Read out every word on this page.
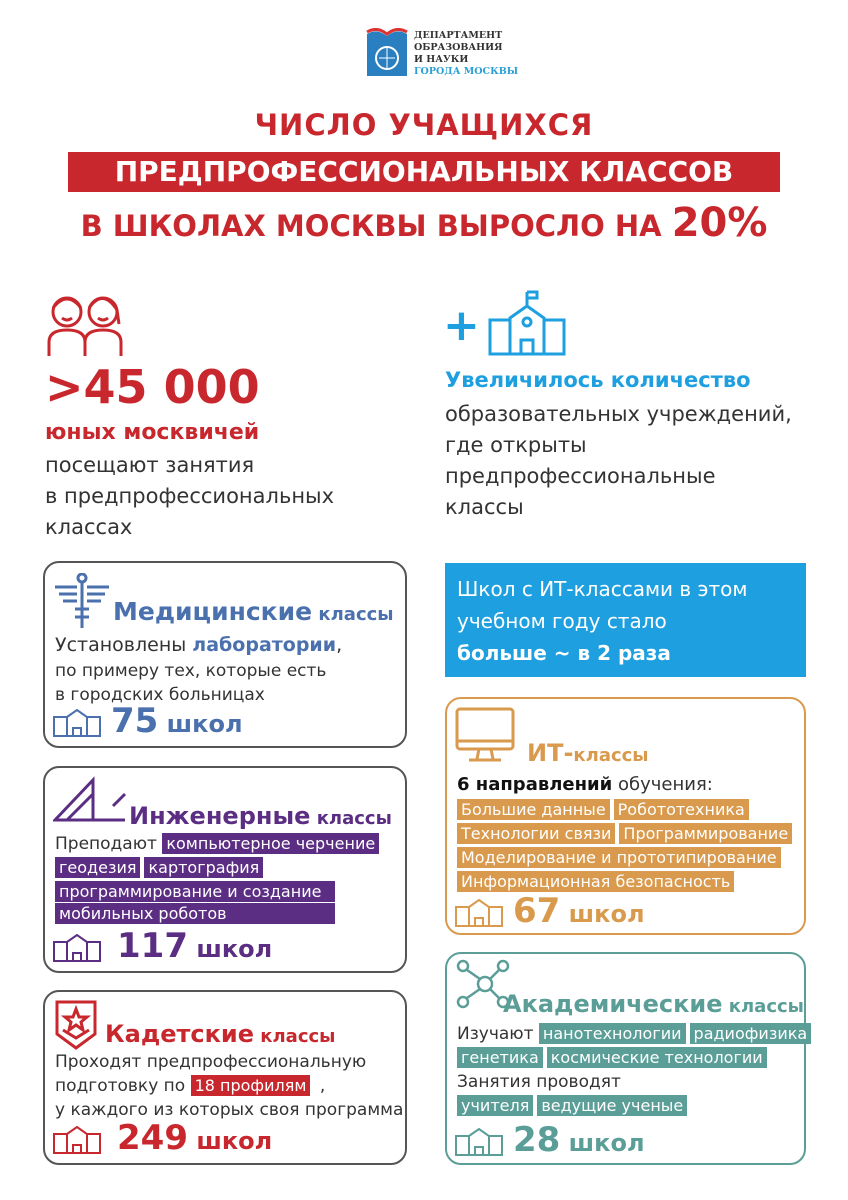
ДЕПАРТАМЕНТ
ОБРАЗОВАНИЯ
И НАУКИ
ГОРОДА МОСКВЫ
ЧИСЛО УЧАЩИХСЯ
ПРЕДПРОФЕССИОНАЛЬНЫХ КЛАССОВ
В ШКОЛАХ МОСКВЫ ВЫРОСЛО НА 20%
>45 000
юных москвичей
посещают занятия
в предпрофессиональных
классах
+
Увеличилось количество
образовательных учреждений,
где открыты
предпрофессиональные
классы
Школ с ИТ-классами в этом
учебном году стало
больше ~ в 2 раза
Медицинские классы
Установлены лаборатории,
по примеру тех, которые есть
в городских больницах
75 школ
Инженерные классы
Преподают компьютерное черчение
геодезия картография
программирование и создание
мобильных роботов
117 школ
Кадетские классы
Проходят предпрофессиональную
подготовку по 18 профилям ,
у каждого из которых своя программа
249 школ
ИТ-классы
6 направлений обучения:
Большие данные Робототехника
Технологии связи Программирование
Моделирование и прототипирование
Информационная безопасность
67 школ
Академические классы
Изучают нанотехнологии радиофизика
генетика космические технологии
Занятия проводят
учителя ведущие ученые
28 школ
